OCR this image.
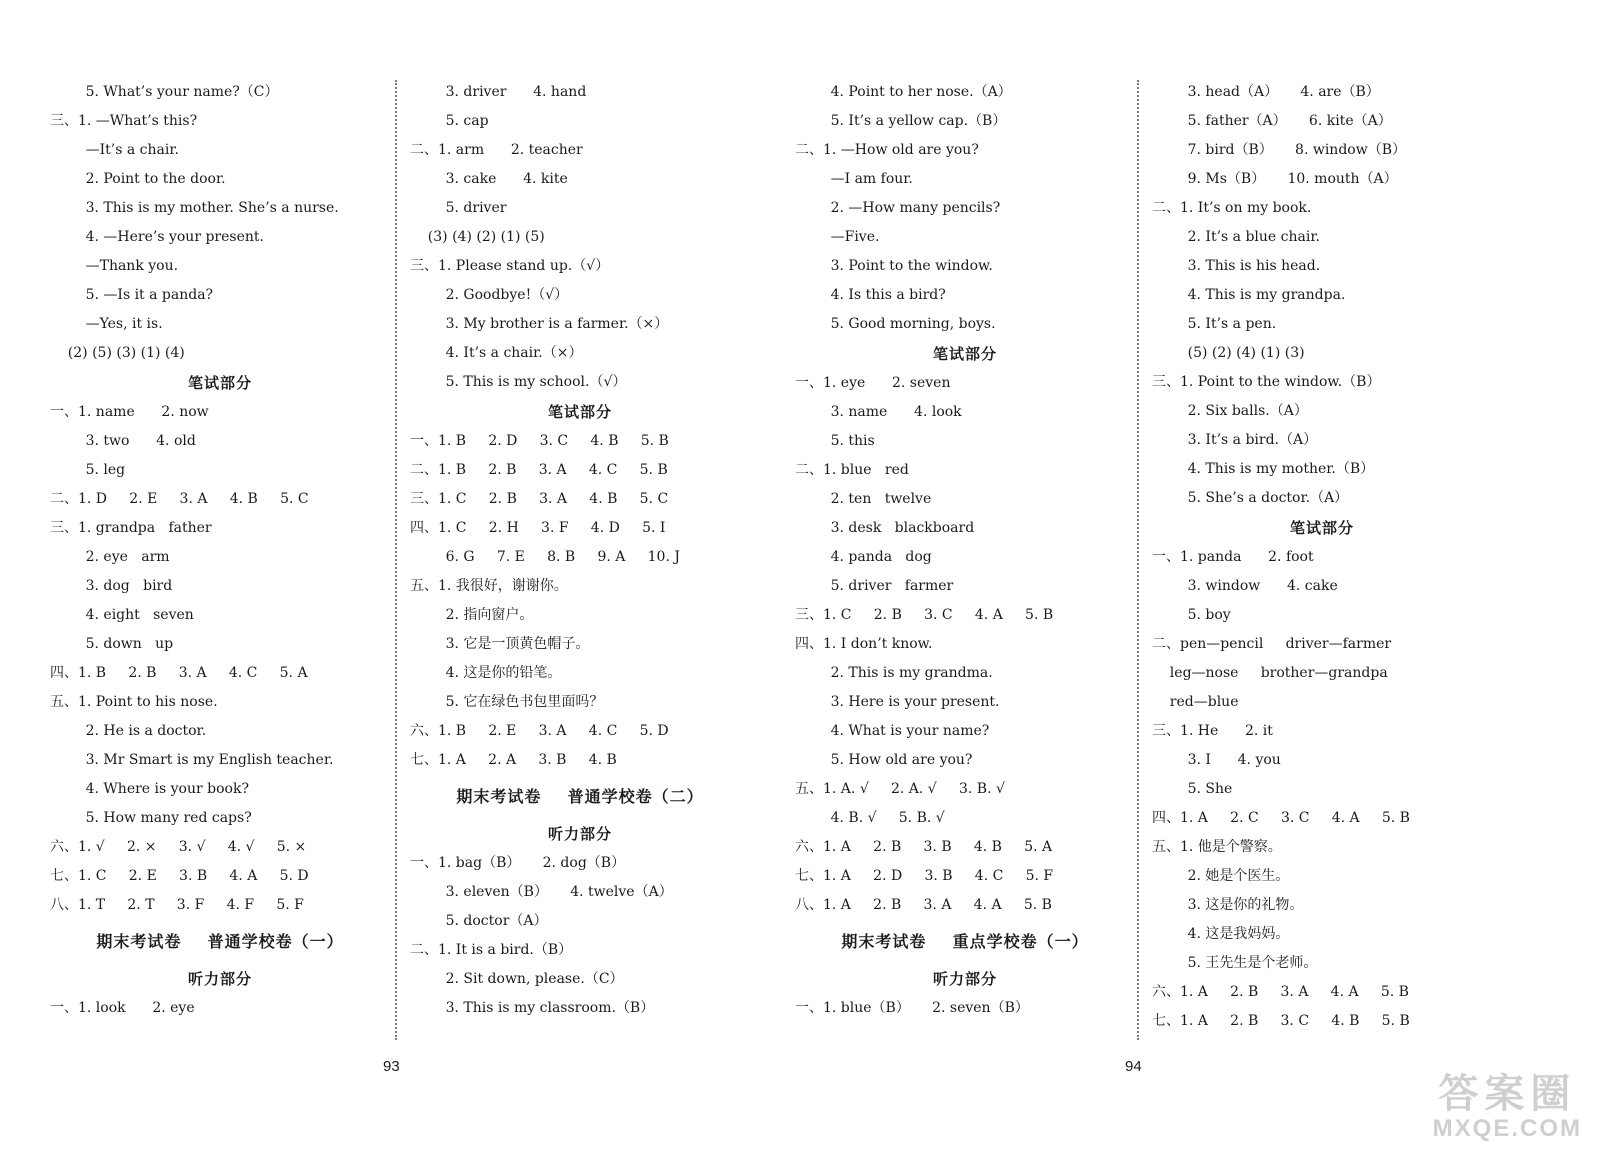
5. What’s your name?（C）
三、1. —What’s this?
—It’s a chair.
2. Point to the door.
3. This is my mother. She’s a nurse.
4. —Here’s your present.
—Thank you.
5. —Is it a panda?
—Yes, it is.
(2) (5) (3) (1) (4)
笔试部分
一、1. name      2. now
3. two      4. old
5. leg
二、1. D     2. E     3. A     4. B     5. C
三、1. grandpa   father
2. eye   arm
3. dog   bird
4. eight   seven
5. down   up
四、1. B     2. B     3. A     4. C     5. A
五、1. Point to his nose.
2. He is a doctor.
3. Mr Smart is my English teacher.
4. Where is your book?
5. How many red caps?
六、1. √     2. ×     3. √     4. √     5. ×
七、1. C     2. E     3. B     4. A     5. D
八、1. T     2. T     3. F     4. F     5. F
期末考试卷    普通学校卷（一）
听力部分
一、1. look      2. eye
3. driver      4. hand
5. cap
二、1. arm      2. teacher
3. cake      4. kite
5. driver
(3) (4) (2) (1) (5)
三、1. Please stand up.（√）
2. Goodbye!（√）
3. My brother is a farmer.（×）
4. It’s a chair.（×）
5. This is my school.（√）
笔试部分
一、1. B     2. D     3. C     4. B     5. B
二、1. B     2. B     3. A     4. C     5. B
三、1. C     2. B     3. A     4. B     5. C
四、1. C     2. H     3. F     4. D     5. I
6. G     7. E     8. B     9. A     10. J
五、1. 我很好，谢谢你。
2. 指向窗户。
3. 它是一顶黄色帽子。
4. 这是你的铅笔。
5. 它在绿色书包里面吗？
六、1. B     2. E     3. A     4. C     5. D
七、1. A     2. A     3. B     4. B
期末考试卷    普通学校卷（二）
听力部分
一、1. bag（B）     2. dog（B）
3. eleven（B）     4. twelve（A）
5. doctor（A）
二、1. It is a bird.（B）
2. Sit down, please.（C）
3. This is my classroom.（B）
4. Point to her nose.（A）
5. It’s a yellow cap.（B）
二、1. —How old are you?
—I am four.
2. —How many pencils?
—Five.
3. Point to the window.
4. Is this a bird?
5. Good morning, boys.
笔试部分
一、1. eye      2. seven
3. name      4. look
5. this
二、1. blue   red
2. ten   twelve
3. desk   blackboard
4. panda   dog
5. driver   farmer
三、1. C     2. B     3. C     4. A     5. B
四、1. I don’t know.
2. This is my grandma.
3. Here is your present.
4. What is your name?
5. How old are you?
五、1. A. √     2. A. √     3. B. √
4. B. √     5. B. √
六、1. A     2. B     3. B     4. B     5. A
七、1. A     2. D     3. B     4. C     5. F
八、1. A     2. B     3. A     4. A     5. B
期末考试卷    重点学校卷（一）
听力部分
一、1. blue（B）     2. seven（B）
3. head（A）     4. are（B）
5. father（A）     6. kite（A）
7. bird（B）     8. window（B）
9. Ms（B）     10. mouth（A）
二、1. It’s on my book.
2. It’s a blue chair.
3. This is his head.
4. This is my grandpa.
5. It’s a pen.
(5) (2) (4) (1) (3)
三、1. Point to the window.（B）
2. Six balls.（A）
3. It’s a bird.（A）
4. This is my mother.（B）
5. She’s a doctor.（A）
笔试部分
一、1. panda      2. foot
3. window      4. cake
5. boy
二、pen—pencil     driver—farmer
leg—nose     brother—grandpa
red—blue
三、1. He      2. it
3. I      4. you
5. She
四、1. A     2. C     3. C     4. A     5. B
五、1. 他是个警察。
2. 她是个医生。
3. 这是你的礼物。
4. 这是我妈妈。
5. 王先生是个老师。
六、1. A     2. B     3. A     4. A     5. B
七、1. A     2. B     3. C     4. B     5. B
93	94
答案圈
MXQE.COM
